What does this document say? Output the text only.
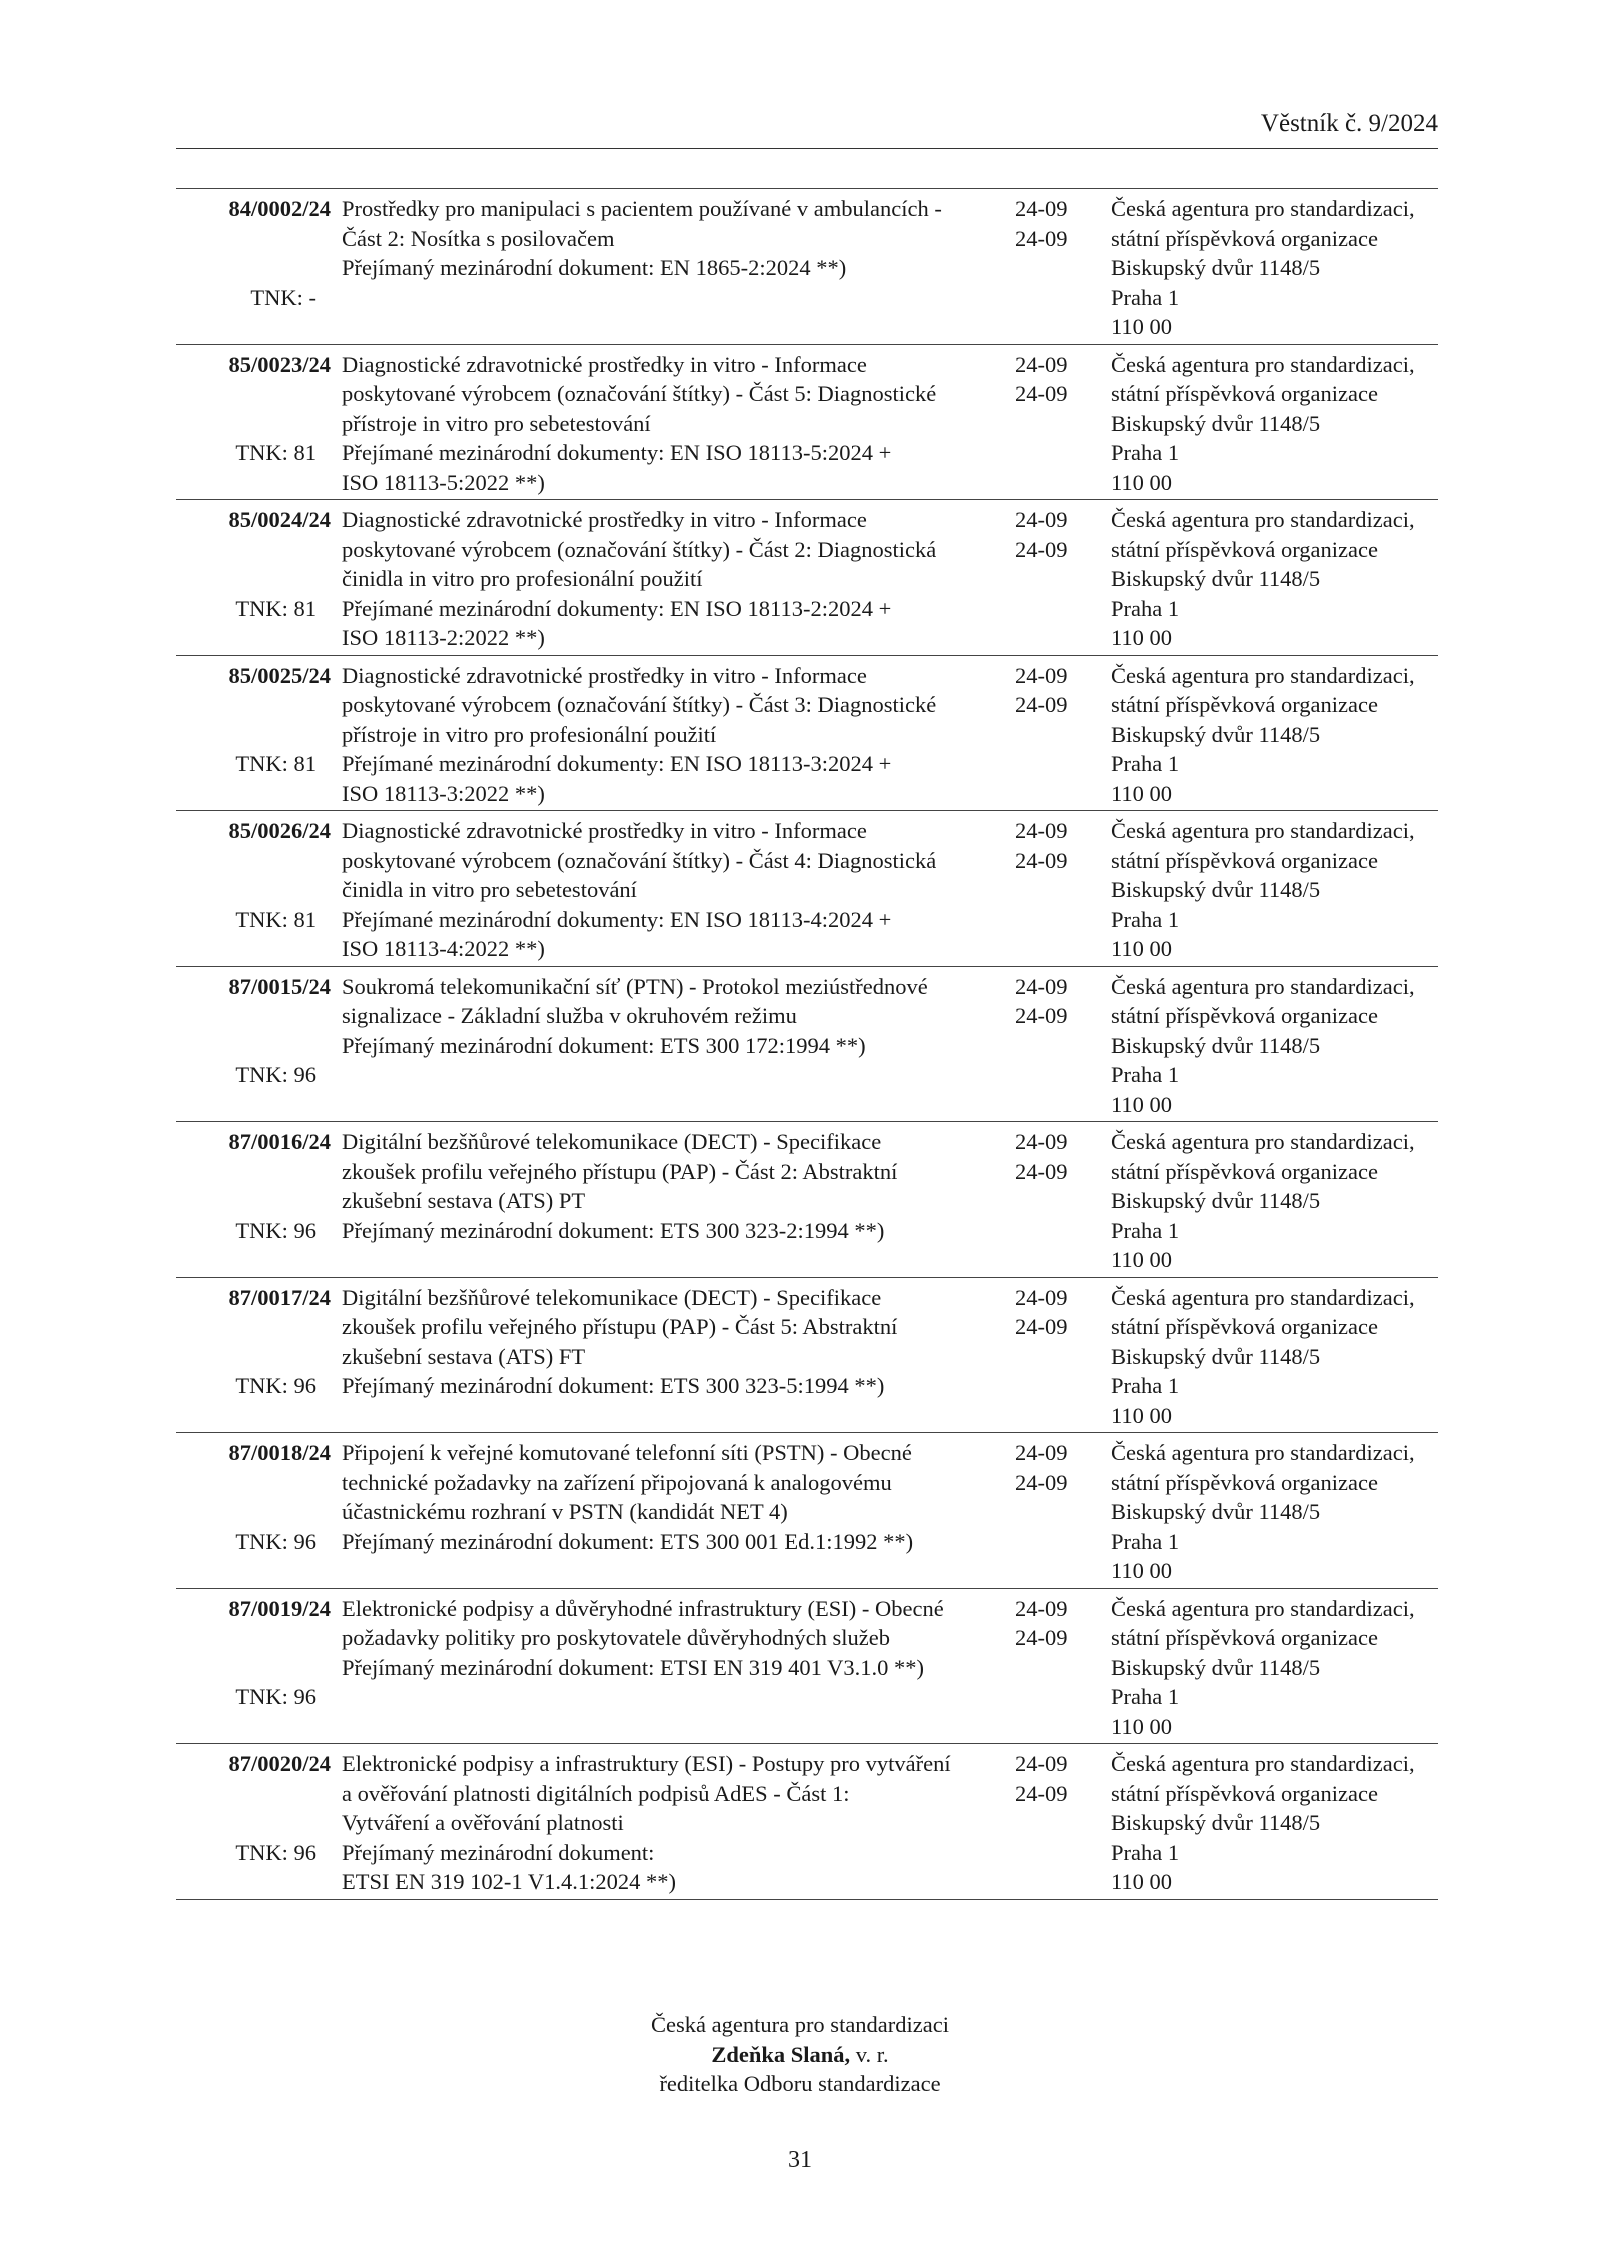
Věstník č. 9/2024
84/0002/24

TNK: -
Prostředky pro manipulaci s pacientem používané v ambulancích -
Část 2: Nosítka s posilovačem
Přejímaný mezinárodní dokument: EN 1865-2:2024 **)
24-09
24-09
Česká agentura pro standardizaci,
státní příspěvková organizace
Biskupský dvůr 1148/5
Praha 1
110 00
85/0023/24

TNK: 81
Diagnostické zdravotnické prostředky in vitro - Informace
poskytované výrobcem (označování štítky) - Část 5: Diagnostické
přístroje in vitro pro sebetestování
Přejímané mezinárodní dokumenty: EN ISO 18113-5:2024 +
ISO 18113-5:2022 **)
24-09
24-09
Česká agentura pro standardizaci,
státní příspěvková organizace
Biskupský dvůr 1148/5
Praha 1
110 00
85/0024/24

TNK: 81
Diagnostické zdravotnické prostředky in vitro - Informace
poskytované výrobcem (označování štítky) - Část 2: Diagnostická
činidla in vitro pro profesionální použití
Přejímané mezinárodní dokumenty: EN ISO 18113-2:2024 +
ISO 18113-2:2022 **)
24-09
24-09
Česká agentura pro standardizaci,
státní příspěvková organizace
Biskupský dvůr 1148/5
Praha 1
110 00
85/0025/24

TNK: 81
Diagnostické zdravotnické prostředky in vitro - Informace
poskytované výrobcem (označování štítky) - Část 3: Diagnostické
přístroje in vitro pro profesionální použití
Přejímané mezinárodní dokumenty: EN ISO 18113-3:2024 +
ISO 18113-3:2022 **)
24-09
24-09
Česká agentura pro standardizaci,
státní příspěvková organizace
Biskupský dvůr 1148/5
Praha 1
110 00
85/0026/24

TNK: 81
Diagnostické zdravotnické prostředky in vitro - Informace
poskytované výrobcem (označování štítky) - Část 4: Diagnostická
činidla in vitro pro sebetestování
Přejímané mezinárodní dokumenty: EN ISO 18113-4:2024 +
ISO 18113-4:2022 **)
24-09
24-09
Česká agentura pro standardizaci,
státní příspěvková organizace
Biskupský dvůr 1148/5
Praha 1
110 00
87/0015/24

TNK: 96
Soukromá telekomunikační síť (PTN) - Protokol meziústřednové
signalizace - Základní služba v okruhovém režimu
Přejímaný mezinárodní dokument: ETS 300 172:1994 **)
24-09
24-09
Česká agentura pro standardizaci,
státní příspěvková organizace
Biskupský dvůr 1148/5
Praha 1
110 00
87/0016/24

TNK: 96
Digitální bezšňůrové telekomunikace (DECT) - Specifikace
zkoušek profilu veřejného přístupu (PAP) - Část 2: Abstraktní
zkušební sestava (ATS) PT
Přejímaný mezinárodní dokument: ETS 300 323-2:1994 **)
24-09
24-09
Česká agentura pro standardizaci,
státní příspěvková organizace
Biskupský dvůr 1148/5
Praha 1
110 00
87/0017/24

TNK: 96
Digitální bezšňůrové telekomunikace (DECT) - Specifikace
zkoušek profilu veřejného přístupu (PAP) - Část 5: Abstraktní
zkušební sestava (ATS) FT
Přejímaný mezinárodní dokument: ETS 300 323-5:1994 **)
24-09
24-09
Česká agentura pro standardizaci,
státní příspěvková organizace
Biskupský dvůr 1148/5
Praha 1
110 00
87/0018/24

TNK: 96
Připojení k veřejné komutované telefonní síti (PSTN) - Obecné
technické požadavky na zařízení připojovaná k analogovému
účastnickému rozhraní v PSTN (kandidát NET 4)
Přejímaný mezinárodní dokument: ETS 300 001 Ed.1:1992 **)
24-09
24-09
Česká agentura pro standardizaci,
státní příspěvková organizace
Biskupský dvůr 1148/5
Praha 1
110 00
87/0019/24

TNK: 96
Elektronické podpisy a důvěryhodné infrastruktury (ESI) - Obecné
požadavky politiky pro poskytovatele důvěryhodných služeb
Přejímaný mezinárodní dokument: ETSI EN 319 401 V3.1.0 **)
24-09
24-09
Česká agentura pro standardizaci,
státní příspěvková organizace
Biskupský dvůr 1148/5
Praha 1
110 00
87/0020/24

TNK: 96
Elektronické podpisy a infrastruktury (ESI) - Postupy pro vytváření
a ověřování platnosti digitálních podpisů AdES - Část 1:
Vytváření a ověřování platnosti
Přejímaný mezinárodní dokument:
ETSI EN 319 102-1 V1.4.1:2024 **)
24-09
24-09
Česká agentura pro standardizaci,
státní příspěvková organizace
Biskupský dvůr 1148/5
Praha 1
110 00
Česká agentura pro standardizaci
Zdeňka Slaná, v. r.
ředitelka Odboru standardizace
31
